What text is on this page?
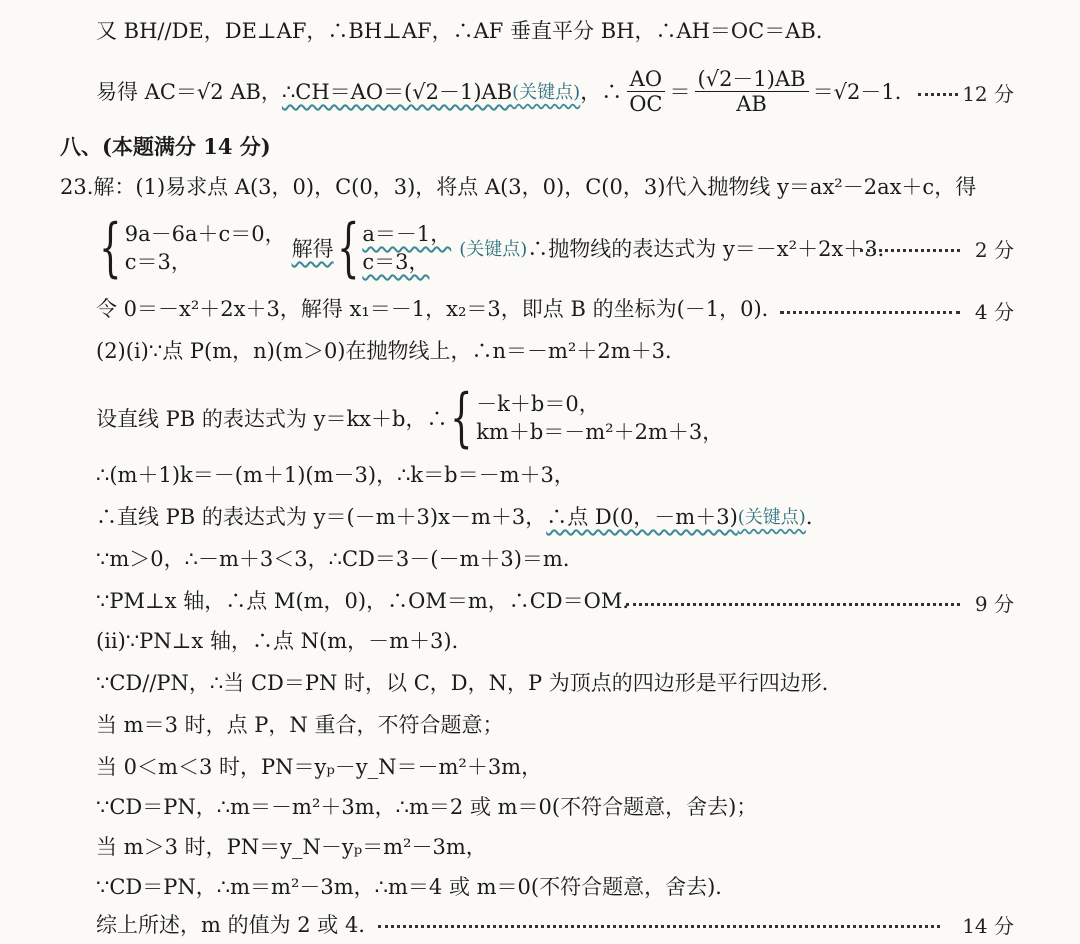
又 BH//DE，DE⊥AF，∴BH⊥AF，∴AF 垂直平分 BH，∴AH＝OC＝AB．
易得 AC＝√2 AB， ∴CH＝AO＝(√2－1)AB (关键点) ，∴ $\frac{AO}{OC} = \frac{(√2-1)AB}{AB} =√2-1$． 12 分
八、(本题满分 14 分)
23.解：(1)易求点 A(3，0)，C(0，3)，将点 A(3，0)，C(0，3)代入抛物线 y＝ax²－2ax＋c，得
{ 9a－6a＋c＝0，
c＝3，
解得 { a＝－1，
c＝3，
(关键点) ∴抛物线的表达式为 y＝－x²＋2x＋3．	2 分
令 0＝－x²＋2x＋3，解得 x₁＝－1，x₂＝3，即点 B 的坐标为(－1，0)．	4 分
(2)(ⅰ)∵点 P(m，n)(m＞0)在抛物线上，∴n＝－m²＋2m＋3．
设直线 PB 的表达式为 y＝kx＋b，∴ { －k＋b＝0，
km＋b＝－m²＋2m＋3，
∴(m＋1)k＝－(m＋1)(m－3)，∴k＝b＝－m＋3，
∴直线 PB 的表达式为 y＝(－m＋3)x－m＋3， ∴点 D(0，－m＋3) (关键点) ．
∵m＞0，∴－m＋3＜3，∴CD＝3－(－m＋3)＝m．
∵PM⊥x 轴，∴点 M(m，0)，∴OM＝m，∴CD＝OM．	9 分
(ⅱ)∵PN⊥x 轴，∴点 N(m，－m＋3)．
∵CD//PN，∴当 CD＝PN 时，以 C，D，N，P 为顶点的四边形是平行四边形．
当 m＝3 时，点 P，N 重合，不符合题意；
当 0＜m＜3 时，PN＝yₚ－y_N＝－m²＋3m，
∵CD＝PN，∴m＝－m²＋3m，∴m＝2 或 m＝0(不符合题意，舍去)；
当 m＞3 时，PN＝y_N－yₚ＝m²－3m，
∵CD＝PN，∴m＝m²－3m，∴m＝4 或 m＝0(不符合题意，舍去)．
综上所述，m 的值为 2 或 4．	14 分
